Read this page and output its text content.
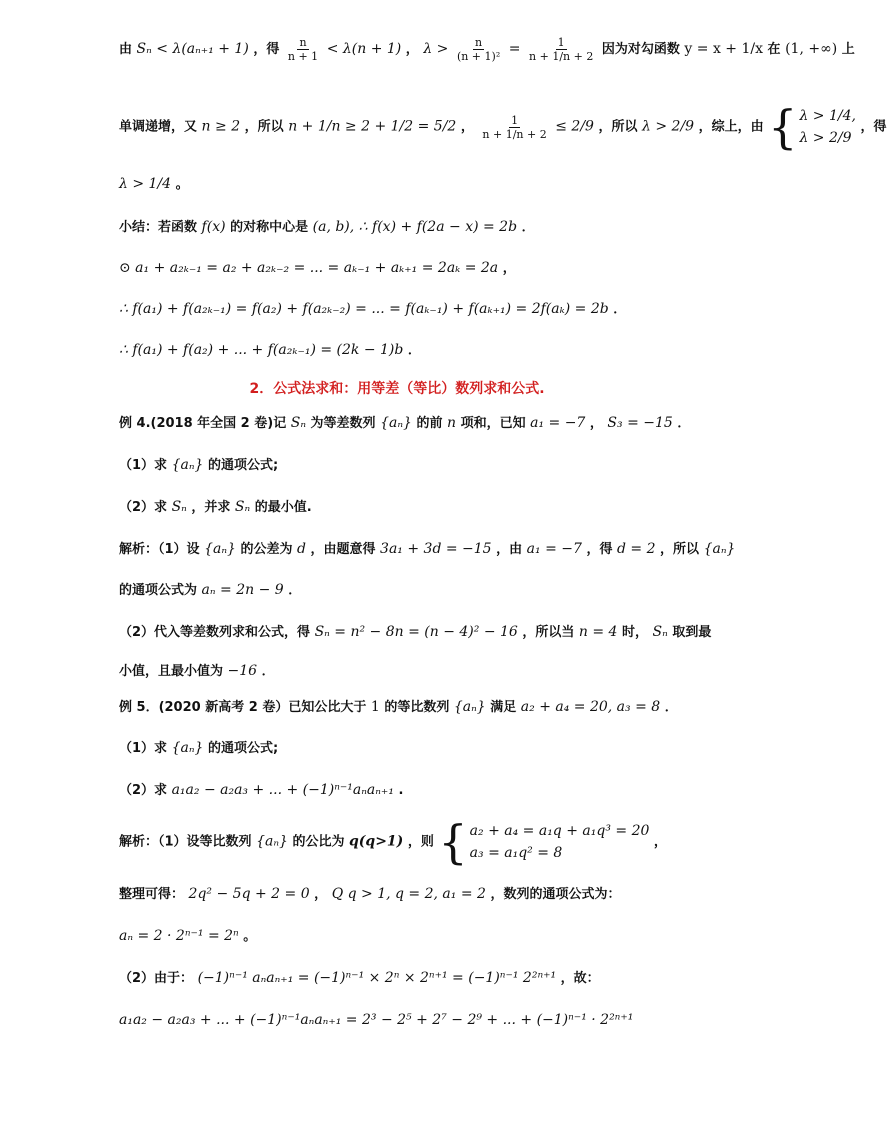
由 Sₙ < λ(aₙ₊₁ + 1) ，得 $\frac{n}{n + 1} < \lambda(n + 1)$ ， $\lambda > \frac{n}{\text{(n + 1)²}} = \frac{1}{n + 1/n + 2}$ 因为对勾函数 y = x + 1/x 在 (1, +∞) 上
单调递增，又 n ≥ 2 ，所以 n + 1/n ≥ 2 + 1/2 = 5/2 ， $\frac{1}{n + 1/n + 2} \le 2/9$ ，所以 λ > 2/9 ，综上，由 { λ > 1/4,
λ > 2/9
，得
λ > 1/4 。
小结：若函数 f(x) 的对称中心是 (a, b), ∴ f(x) + f(2a − x) = 2b ．
⊙ a₁ + a₂ₖ₋₁ = a₂ + a₂ₖ₋₂ = ... = aₖ₋₁ + aₖ₊₁ = 2aₖ = 2a ，
∴ f(a₁) + f(a₂ₖ₋₁) = f(a₂) + f(a₂ₖ₋₂) = ... = f(aₖ₋₁) + f(aₖ₊₁) = 2f(aₖ) = 2b ．
∴ f(a₁) + f(a₂) + ... + f(a₂ₖ₋₁) = (2k − 1)b ．
2．公式法求和：用等差（等比）数列求和公式.
例 4.(2018 年全国 2 卷)记 Sₙ 为等差数列 {aₙ} 的前 n 项和，已知 a₁ = −7 ， S₃ = −15 ．
（1）求 {aₙ} 的通项公式;
（2）求 Sₙ ，并求 Sₙ 的最小值.
解析：（1）设 {aₙ} 的公差为 d ，由题意得 3a₁ + 3d = −15 ，由 a₁ = −7 ，得 d = 2 ，所以 {aₙ}
的通项公式为 aₙ = 2n − 9 ．
（2）代入等差数列求和公式，得 Sₙ = n² − 8n = (n − 4)² − 16 ，所以当 n = 4 时， Sₙ 取到最
小值，且最小值为 −16 ．
例 5．(2020 新高考 2 卷）已知公比大于 1 的等比数列 {aₙ} 满足 a₂ + a₄ = 20, a₃ = 8 ．
（1）求 {aₙ} 的通项公式;
（2）求 a₁a₂ − a₂a₃ + ... + (−1)ⁿ⁻¹aₙaₙ₊₁ .
解析：（1）设等比数列 {aₙ} 的公比为 q(q>1) ，则 { a₂ + a₄ = a₁q + a₁q³ = 20
a₃ = a₁q² = 8
，
整理可得： 2q² − 5q + 2 = 0 ， Q q > 1, q = 2, a₁ = 2 ，数列的通项公式为：
aₙ = 2 · 2ⁿ⁻¹ = 2ⁿ 。
（2）由于： (−1)ⁿ⁻¹ aₙaₙ₊₁ = (−1)ⁿ⁻¹ × 2ⁿ × 2ⁿ⁺¹ = (−1)ⁿ⁻¹ 2²ⁿ⁺¹ ，故：
a₁a₂ − a₂a₃ + ... + (−1)ⁿ⁻¹aₙaₙ₊₁ = 2³ − 2⁵ + 2⁷ − 2⁹ + ... + (−1)ⁿ⁻¹ · 2²ⁿ⁺¹
